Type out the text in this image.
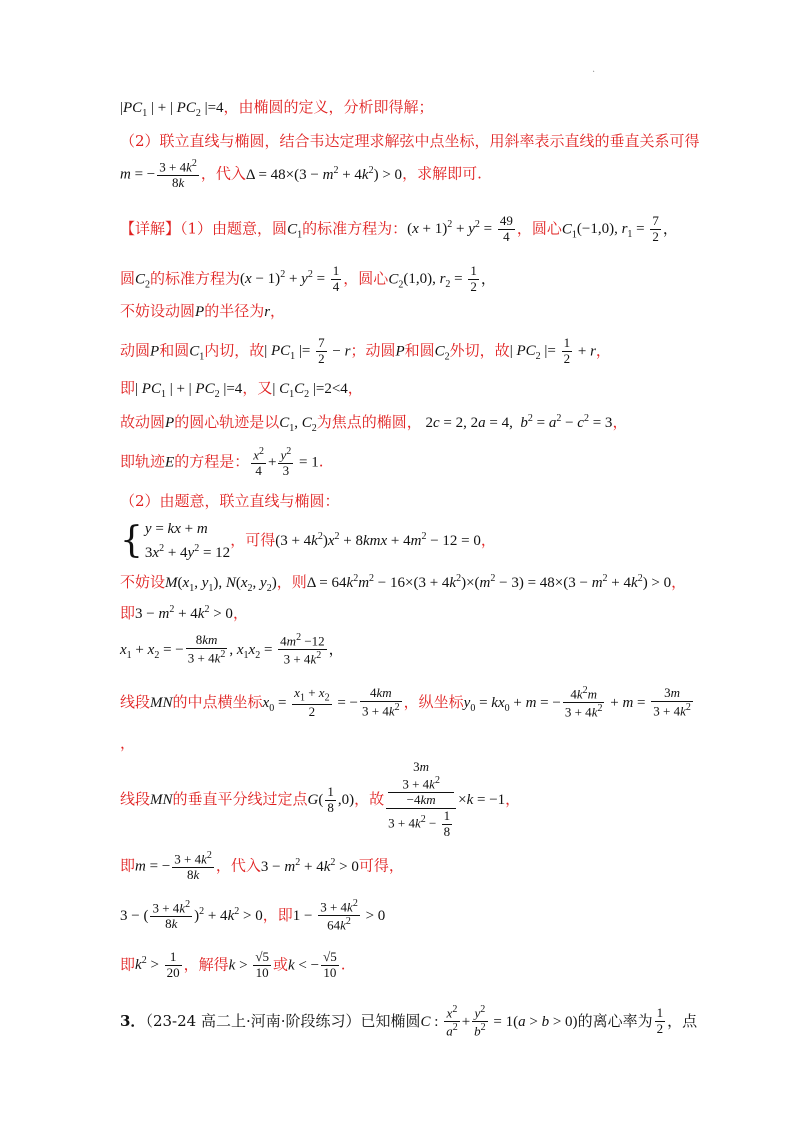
.
$|PC_1$ | + | $PC_2$ |=4，由椭圆的定义，分析即得解；
（2）联立直线与椭圆，结合韦达定理求解弦中点坐标，用斜率表示直线的垂直关系可得
m = − $\frac{3 + 4k^2}{8k}$ ，代入$\Delta = 48\times(3 - m^2 + 4k^2) > 0$，求解即可.
【详解】（1）由题意，圆$C_1$的标准方程为：$(x + 1)^2 + y^2 = \frac{49}{4}$ ，圆心$C_1(-1,0)$, $r_1 = \frac{7}{2}$ ，
圆$C_2$的标准方程为$(x - 1)^2 + y^2 = \frac{1}{4}$ ，圆心$C_2(1,0)$, $r_2 = \frac{1}{2}$ ，
不妨设动圆P的半径为r，
动圆P和圆$C_1$内切，故| $PC_1$ |= $\frac{7}{2} - r$；动圆P和圆$C_2$外切，故| $PC_2$ |= $\frac{1}{2} + r$，
即| $PC_1$ | + | $PC_2$ |=4，又| $C_1C_2$ |=2<4，
故动圆P的圆心轨迹是以$C_1$, $C_2$为焦点的椭圆， 2c = 2, 2a = 4,  $b^2 = a^2 - c^2 = 3$，
即轨迹E的方程是： $\frac{x^2}{4} + \frac{y^2}{3} = 1$.
（2）由题意，联立直线与椭圆：
{ y = kx + m
$3x^2 + 4y^2 = 12$
，可得$(3 + 4k^2)x^2 + 8kmx + 4m^2 - 12 = 0$，
不妨设$M(x_1$, $y_1$), $N(x_2$, $y_2$)，则$\Delta = 64k^2m^2 - 16\times(3 + 4k^2)\times(m^2 - 3) = 48\times(3 - m^2 + 4k^2) > 0$，
即$3 - m^2 + 4k^2 > 0$，
$x_1 + x_2$ = − $\frac{8km}{3 + 4k^2}$ , $x_1x_2 = \frac{4m^2 -12}{3 + 4k^2}$ ，
线段MN的中点横坐标$x_0 = \frac{x_1 + x_2}{2}$ = − $\frac{4km}{3 + 4k^2}$ ，纵坐标$y_0 = kx_0 + m$ = − $\frac{4k^2m}{3 + 4k^2} + m = \frac{3m}{3 + 4k^2}$
，
线段MN的垂直平分线过定点$G( \frac{1}{8} ,0)$，故 3m
$3 + 4k^2$
−4km
$3 + 4k^2 - \frac{1}{8} \times k = -1$，
即m = − $\frac{3 + 4k^2}{8k}$ ，代入$3 - m^2 + 4k^2 > 0$可得，
3 − ( $\frac{3 + 4k^2}{8k} )^2 + 4k^2 > 0$，即$1 - \frac{3 + 4k^2}{64k^2} > 0$
即$k^2 > \frac{1}{20}$ ，解得$k > \frac{√5}{10}$ 或k < − $\frac{√5}{10}$ .
3．（23-24 高二上·河南·阶段练习）已知椭圆C : $\frac{x^2}{a^2} + \frac{y^2}{b^2} = 1(a > b > 0)$的离心率为 $\frac{1}{2}$ ，点
